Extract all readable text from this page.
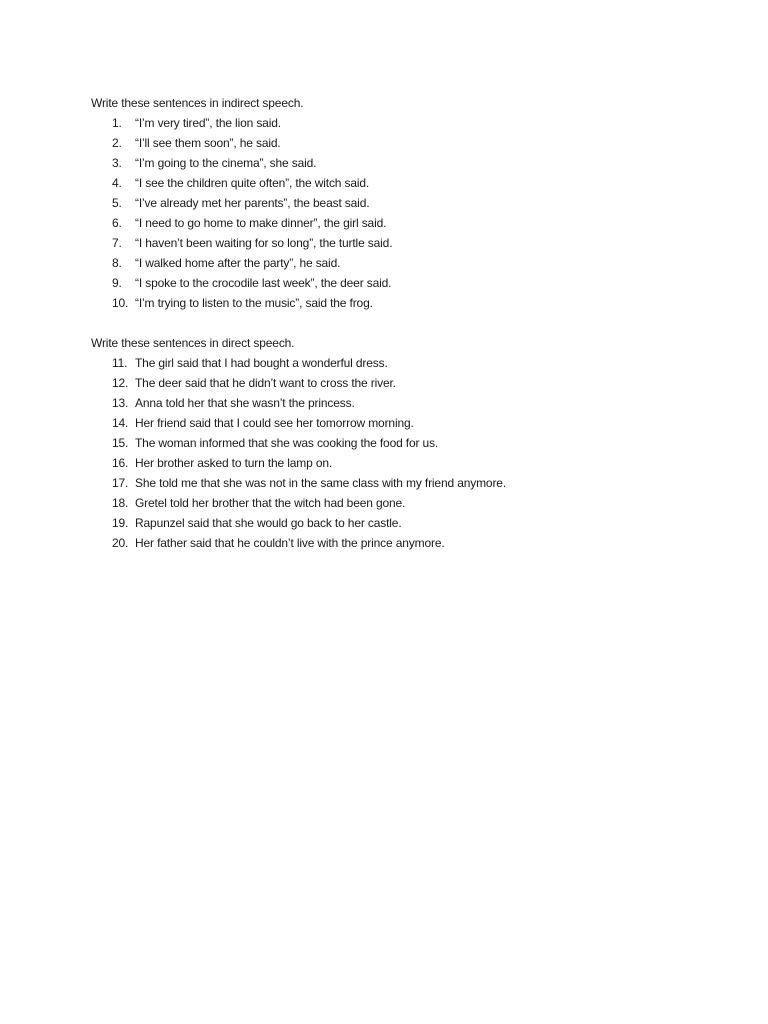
Write these sentences in indirect speech.
1.	“I’m very tired”, the lion said.
2.	“I’ll see them soon”, he said.
3.	“I’m going to the cinema”, she said.
4.	“I see the children quite often”, the witch said.
5.	“I’ve already met her parents”, the beast said.
6.	“I need to go home to make dinner”, the girl said.
7.	“I haven’t been waiting for so long”, the turtle said.
8.	“I walked home after the party”, he said.
9.	“I spoke to the crocodile last week”, the deer said.
10. “I’m trying to listen to the music”, said the frog.
Write these sentences in direct speech.
11. The girl said that I had bought a wonderful dress.
12. The deer said that he didn’t want to cross the river.
13. Anna told her that she wasn’t the princess.
14. Her friend said that I could see her tomorrow morning.
15. The woman informed that she was cooking the food for us.
16. Her brother asked to turn the lamp on.
17. She told me that she was not in the same class with my friend anymore.
18. Gretel told her brother that the witch had been gone.
19. Rapunzel said that she would go back to her castle.
20. Her father said that he couldn’t live with the prince anymore.
